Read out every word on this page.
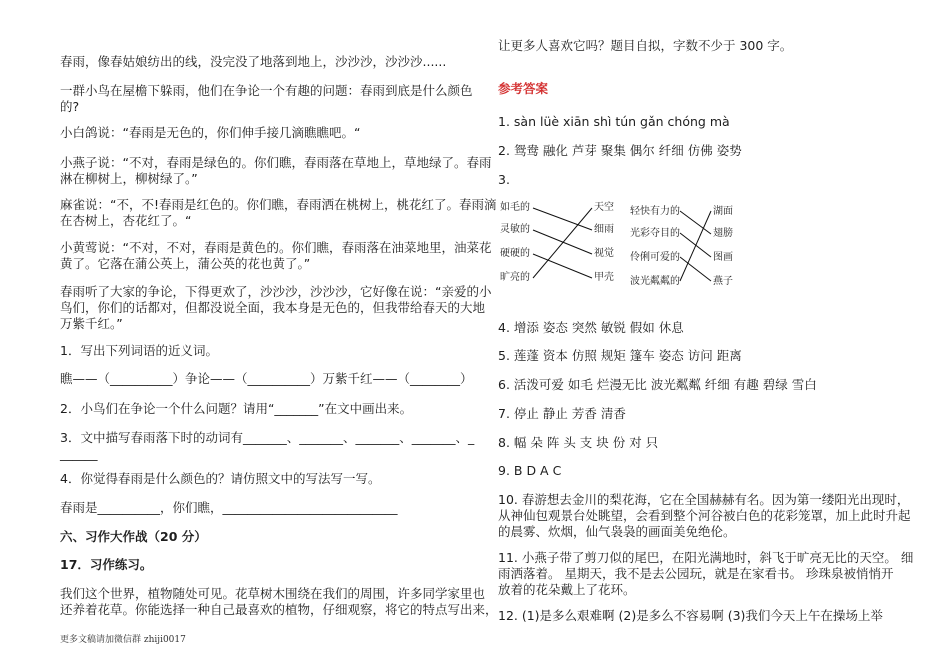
春雨，像春姑娘纺出的线，没完没了地落到地上，沙沙沙，沙沙沙......
一群小鸟在屋檐下躲雨，他们在争论一个有趣的问题：春雨到底是什么颜色
的?
小白鸽说：“春雨是无色的，你们伸手接几滴瞧瞧吧。“
小燕子说：“不对，春雨是绿色的。你们瞧，春雨落在草地上，草地绿了。春雨
淋在柳树上，柳树绿了。”
麻雀说：“不，不!春雨是红色的。你们瞧，春雨洒在桃树上，桃花红了。春雨滴
在杏树上，杏花红了。“
小黄莺说：“不对，不对，春雨是黄色的。你们瞧，春雨落在油菜地里，油菜花
黄了。它落在蒲公英上，蒲公英的花也黄了。”
春雨听了大家的争论，下得更欢了，沙沙沙，沙沙沙，它好像在说：“亲爱的小
鸟们，你们的话都对，但都没说全面，我本身是无色的，但我带给春天的大地
万紫千红。”
1．写出下列词语的近义词。
瞧——（__________）争论——（__________）万紫千红——（________）
2．小鸟们在争论一个什么问题？请用“_______”在文中画出来。
3．文中描写春雨落下时的动词有_______、_______、_______、_______、_
______
4．你觉得春雨是什么颜色的？请仿照文中的写法写一写。
春雨是__________，你们瞧，____________________________
六、习作大作战（20 分）
17．习作练习。
我们这个世界，植物随处可见。花草树木围绕在我们的周围，许多同学家里也
还养着花草。你能选择一种自己最喜欢的植物，仔细观察，将它的特点写出来，
让更多人喜欢它吗？题目自拟，字数不少于 300 字。
参考答案
1. sàn lüè xiān shì tún gǎn chóng mà
2. 鸳鸯 融化 芦芽 聚集 偶尔 纤细 仿佛 姿势
3.
如毛的
灵敏的
硬硬的
旷亮的
天空
细雨
视觉
甲壳
轻快有力的
光彩夺目的
伶俐可爱的
波光粼粼的
湖面
翅膀
图画
燕子
4. 增添 姿态 突然 敏锐 假如 休息
5. 莲蓬 资本 仿照 规矩 篷车 姿态 访问 距离
6. 活泼可爱 如毛 烂漫无比 波光粼粼 纤细 有趣 碧绿 雪白
7. 停止 静止 芳香 清香
8. 幅 朵 阵 头 支 块 份 对 只
9. B D A C
10. 春游想去金川的梨花海，它在全国赫赫有名。因为第一缕阳光出现时，
从神仙包观景台处眺望，会看到整个河谷被白色的花彩笼罩，加上此时升起
的晨雾、炊烟，仙气袅袅的画面美免绝伦。
11. 小燕子带了剪刀似的尾巴，在阳光满地时，斜飞于旷亮无比的天空。 细
雨洒落着。 星期天，我不是去公园玩，就是在家看书。 珍珠泉被悄悄开
放着的花朵戴上了花环。
12. (1)是多么艰难啊 (2)是多么不容易啊 (3)我们今天上午在操场上举
更多文稿请加微信群 zhiji0017
